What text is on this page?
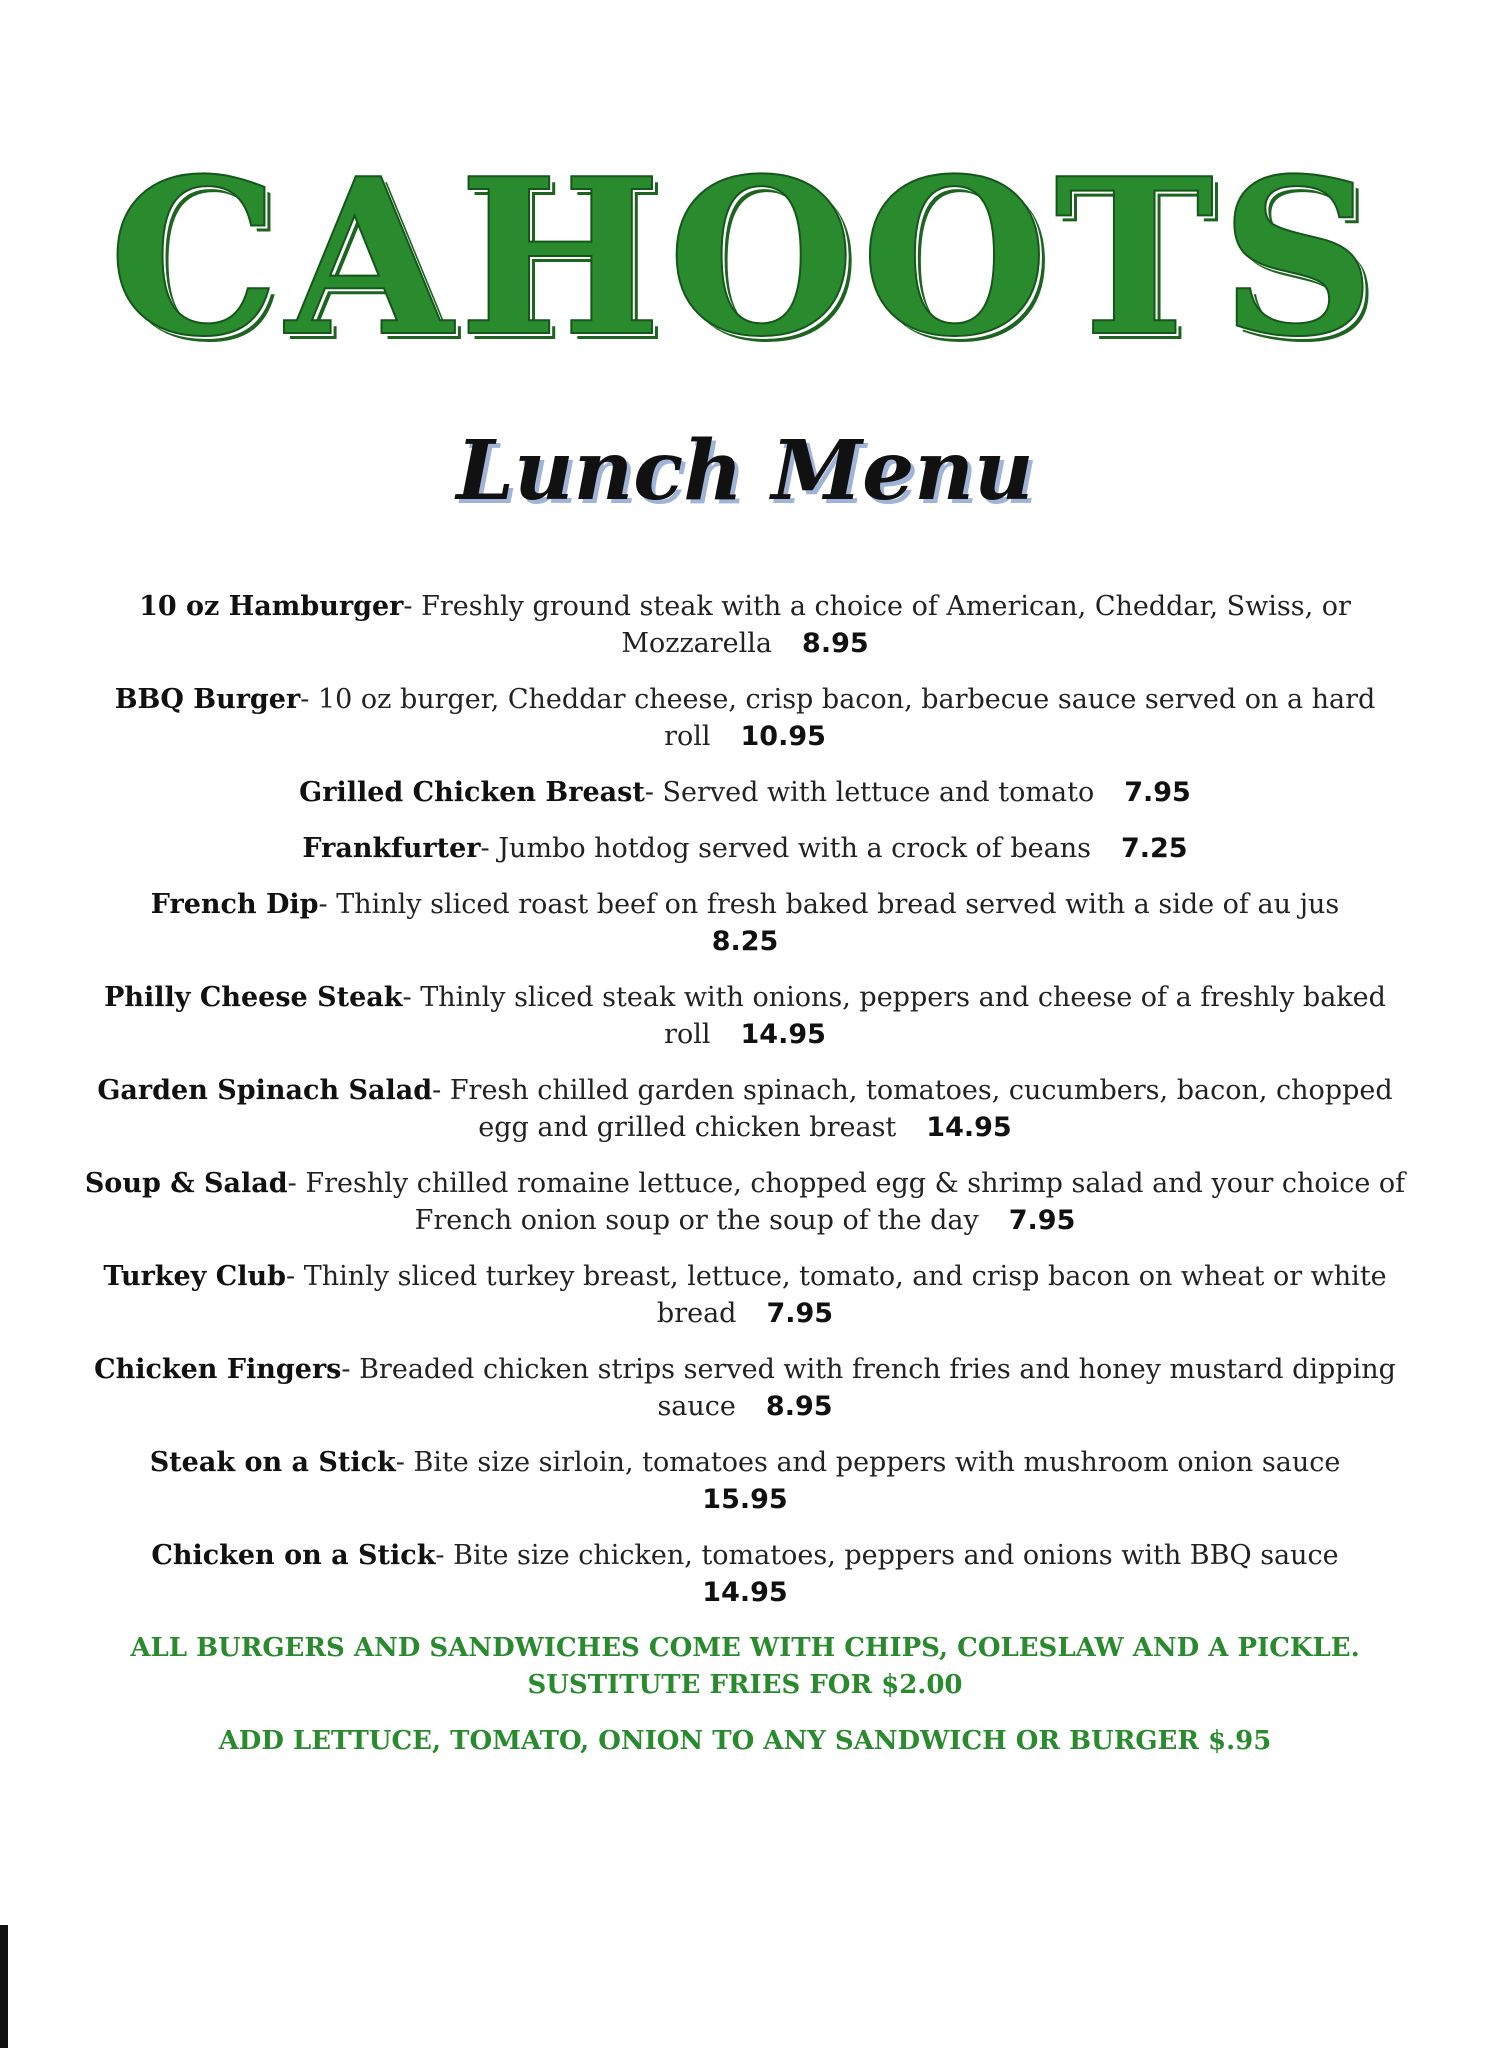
CAHOOTS
Lunch Menu
10 oz Hamburger- Freshly ground steak with a choice of American, Cheddar, Swiss, or Mozzarella 8.95
BBQ Burger- 10 oz burger, Cheddar cheese, crisp bacon, barbecue sauce served on a hard roll 10.95
Grilled Chicken Breast- Served with lettuce and tomato 7.95
Frankfurter- Jumbo hotdog served with a crock of beans 7.25
French Dip- Thinly sliced roast beef on fresh baked bread served with a side of au jus
8.25
Philly Cheese Steak- Thinly sliced steak with onions, peppers and cheese of a freshly baked roll 14.95
Garden Spinach Salad- Fresh chilled garden spinach, tomatoes, cucumbers, bacon, chopped egg and grilled chicken breast 14.95
Soup & Salad- Freshly chilled romaine lettuce, chopped egg & shrimp salad and your choice of French onion soup or the soup of the day 7.95
Turkey Club- Thinly sliced turkey breast, lettuce, tomato, and crisp bacon on wheat or white bread 7.95
Chicken Fingers- Breaded chicken strips served with french fries and honey mustard dipping sauce 8.95
Steak on a Stick- Bite size sirloin, tomatoes and peppers with mushroom onion sauce
15.95
Chicken on a Stick- Bite size chicken, tomatoes, peppers and onions with BBQ sauce
14.95
ALL BURGERS AND SANDWICHES COME WITH CHIPS, COLESLAW AND A PICKLE.
SUSTITUTE FRIES FOR $2.00
ADD LETTUCE, TOMATO, ONION TO ANY SANDWICH OR BURGER $.95
